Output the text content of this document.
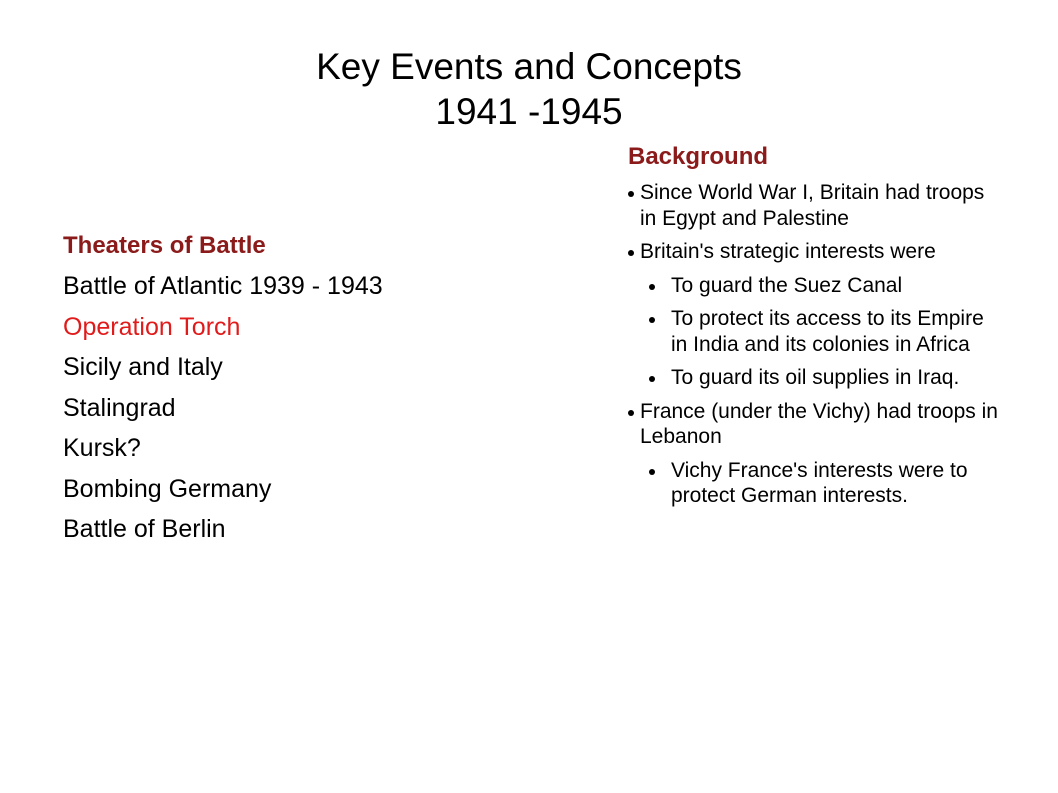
Key Events and Concepts
1941 -1945

Theaters of Battle

Battle of Atlantic 1939 - 1943

Operation Torch

Sicily and Italy

Stalingrad

Kursk?

Bombing Germany

Battle of Berlin

Background

Since World War I, Britain had troops in Egypt and Palestine
Britain's strategic interests were
To guard the Suez Canal
To protect its access to its Empire in India and its colonies in Africa
To guard its oil supplies in Iraq.
France (under the Vichy) had troops in Lebanon
Vichy France's interests were to protect German interests.
